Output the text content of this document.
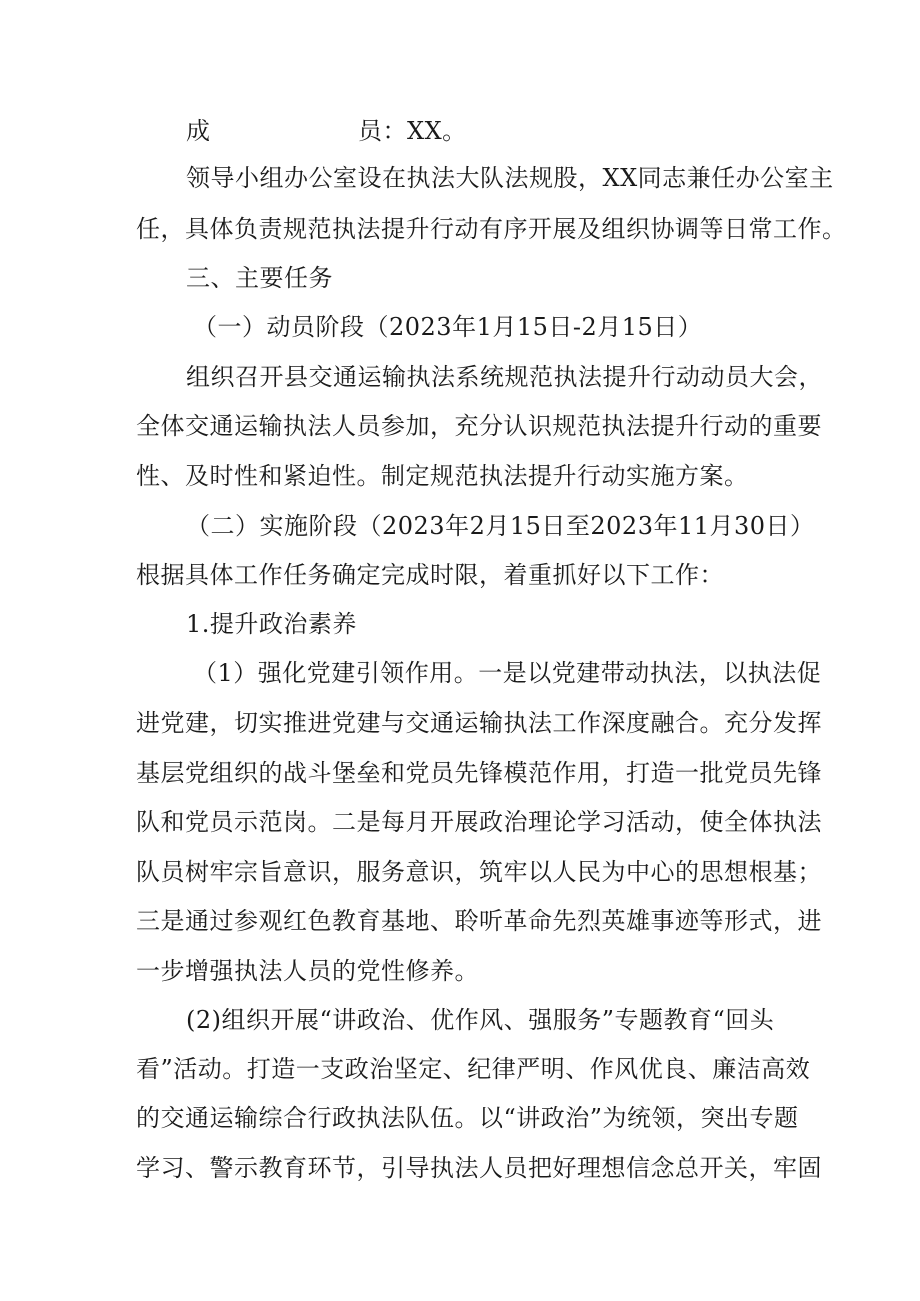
成	员：XX。
领导小组办公室设在执法大队法规股，XX同志兼任办公室主
任，具体负责规范执法提升行动有序开展及组织协调等日常工作。
三、主要任务
（一）动员阶段（2023年1月15日-2月15日）
组织召开县交通运输执法系统规范执法提升行动动员大会，
全体交通运输执法人员参加，充分认识规范执法提升行动的重要
性、及时性和紧迫性。制定规范执法提升行动实施方案。
（二）实施阶段（2023年2月15日至2023年11月30日）
根据具体工作任务确定完成时限，着重抓好以下工作：
1.提升政治素养
（1）强化党建引领作用。一是以党建带动执法，以执法促
进党建，切实推进党建与交通运输执法工作深度融合。充分发挥
基层党组织的战斗堡垒和党员先锋模范作用，打造一批党员先锋
队和党员示范岗。二是每月开展政治理论学习活动，使全体执法
队员树牢宗旨意识，服务意识，筑牢以人民为中心的思想根基；
三是通过参观红色教育基地、聆听革命先烈英雄事迹等形式，进
一步增强执法人员的党性修养。
(2)组织开展“讲政治、优作风、强服务”专题教育“回头
看”活动。打造一支政治坚定、纪律严明、作风优良、廉洁高效
的交通运输综合行政执法队伍。以“讲政治”为统领，突出专题
学习、警示教育环节，引导执法人员把好理想信念总开关，牢固
